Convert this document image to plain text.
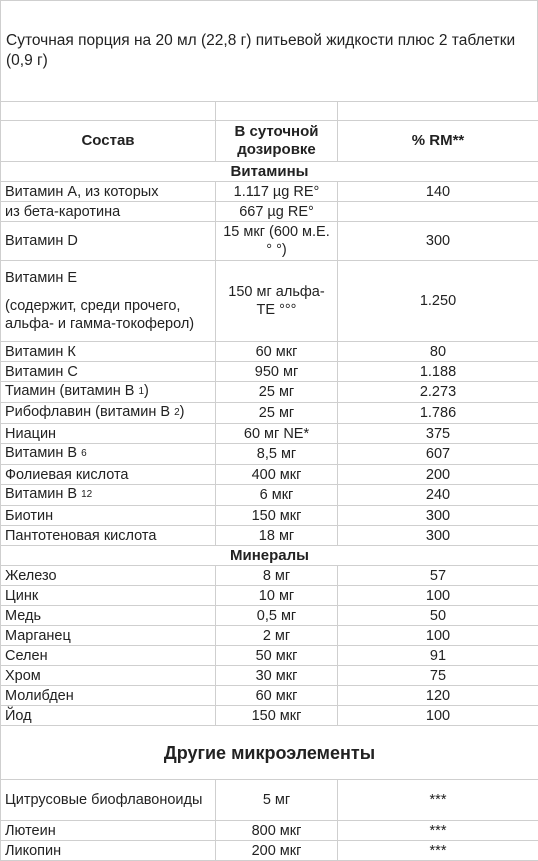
Суточная порция на 20 мл (22,8 г) питьевой жидкости плюс 2 таблетки (0,9 г)

Состав	В суточной дозировке	% RM**
Витамины		
Витамин A, из которых	1.117 µg RE°	140
из бета-каротина	667 µg RE°	
Витамин D	15 мкг (600 м.Е. ° °)	300

Витамин Е
(содержит, среди прочего, альфа- и гамма-токоферол)	150 мг альфа-ТЕ °°°	1.250
Витамин К	60 мкг	80
Витамин С	950 мг	1.188
Тиамин (витамин В $_1$)	25 мг	2.273
Рибофлавин (витамин В $_2$)	25 мг	1.786
Ниацин	60 мг NE*	375
Витамин В $_6$	8,5 мг	607
Фолиевая кислота	400 мкг	200
Витамин В $_{12}$	6 мкг	240
Биотин	150 мкг	300
Пантотеновая кислота	18 мг	300
Минералы		
Железо	8 мг	57
Цинк	10 мг	100
Медь	0,5 мг	50
Марганец	2 мг	100
Селен	50 мкг	91
Хром	30 мкг	75
Молибден	60 мкг	120
Йод	150 мкг	100
Другие микроэлементы		
Цитрусовые биофлавоноиды	5 мг	***
Лютеин	800 мкг	***
Ликопин	200 мкг	***
